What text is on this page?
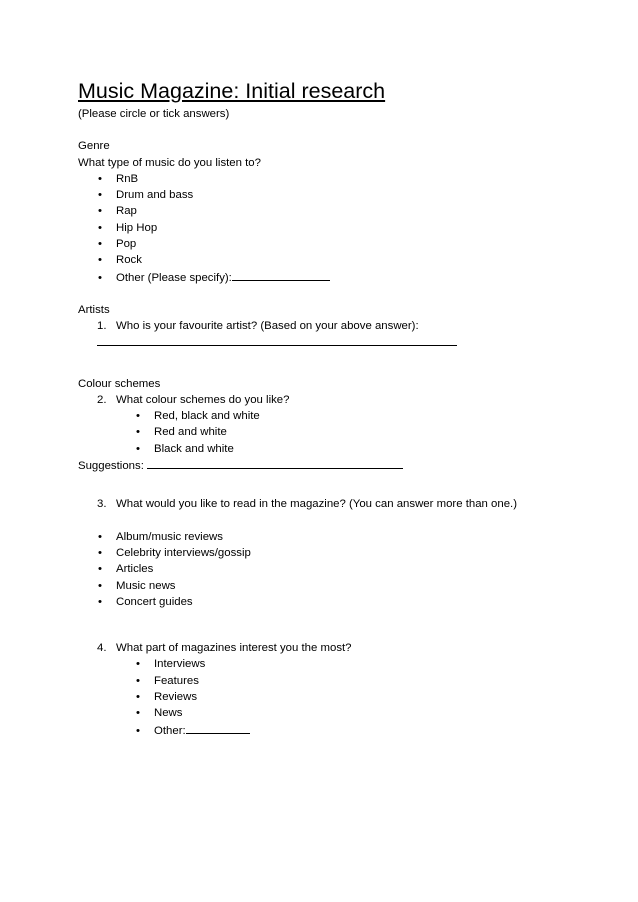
Music Magazine: Initial research
(Please circle or tick answers)
Genre
What type of music do you listen to?
•	RnB
•	Drum and bass
•	Rap
•	Hip Hop
•	Pop
•	Rock
•	Other (Please specify):
Artists
1. Who is your favourite artist? (Based on your above answer):
Colour schemes
2. What colour schemes do you like?
•	Red, black and white
•	Red and white
•	Black and white
Suggestions:
3. What would you like to read in the magazine? (You can answer more than one.)
•	Album/music reviews
•	Celebrity interviews/gossip
•	Articles
•	Music news
•	Concert guides
4. What part of magazines interest you the most?
•	Interviews
•	Features
•	Reviews
•	News
•	Other:
